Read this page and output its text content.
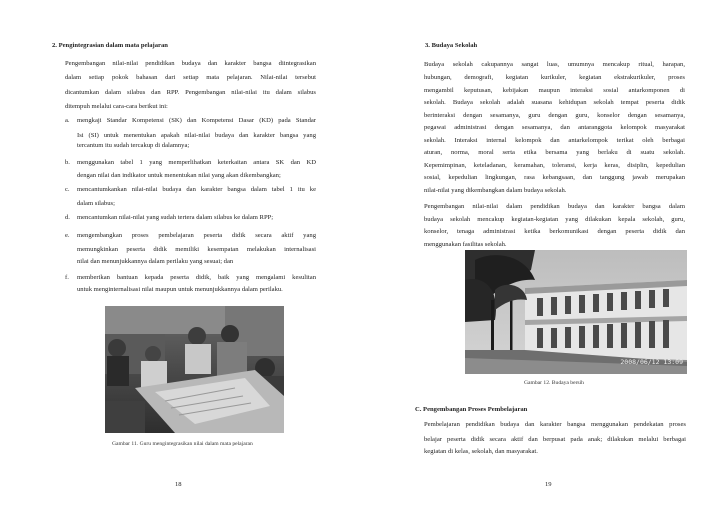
2. Pengintegrasian dalam mata pelajaran

Pengembangan nilai-nilai pendidikan budaya dan karakter bangsa diintegrasikan

dalam setiap pokok bahasan dari setiap mata pelajaran. Nilai-nilai tersebut

dicantumkan dalam silabus dan RPP. Pengembangan nilai-nilai itu dalam silabus

ditempuh melalui cara-cara berikut ini:

a. mengkaji Standar Kompetensi (SK) dan Kompetensi Dasar (KD) pada Standar

Isi (SI) untuk menentukan apakah nilai-nilai budaya dan karakter bangsa yang

tercantum itu sudah tercakup di dalamnya;

b. menggunakan tabel 1 yang memperlihatkan keterkaitan antara SK dan KD

dengan nilai dan indikator untuk menentukan nilai yang akan dikembangkan;

c. mencantumkankan nilai-nilai budaya dan karakter bangsa dalam tabel 1 itu ke

dalam silabus;

d. mencantumkan nilai-nilai yang sudah tertera dalam silabus ke dalam RPP;

e. mengembangkan proses pembelajaran peserta didik secara aktif yang

memungkinkan peserta didik memiliki kesempatan melakukan internalisasi

nilai dan menunjukkannya dalam perilaku yang sesuai; dan

f. memberikan bantuan kepada peserta didik, baik yang mengalami kesulitan

untuk menginternalisasi nilai maupun untuk menunjukkannya dalam perilaku.

Gambar 11. Guru mengintegrasikan nilai dalam mata pelajaran
18

3. Budaya Sekolah

Budaya sekolah cakupannya sangat luas, umumnya mencakup ritual, harapan,

hubungan, demografi, kegiatan kurikuler, kegiatan ekstrakurikuler, proses

mengambil keputusan, kebijakan maupun interaksi sosial antarkomponen di

sekolah. Budaya sekolah adalah suasana kehidupan sekolah tempat peserta didik

berinteraksi dengan sesamanya, guru dengan guru, konselor dengan sesamanya,

pegawai administrasi dengan sesamanya, dan antaranggota kelompok masyarakat

sekolah. Interaksi internal kelompok dan antarkelompok terikat oleh berbagai

aturan, norma, moral serta etika bersama yang berlaku di suatu sekolah.

Kepemimpinan, keteladanan, keramahan, toleransi, kerja keras, disiplin, kepedulian

sosial, kepedulian lingkungan, rasa kebangsaan, dan tanggung jawab merupakan

nilai-nilai yang dikembangkan dalam budaya sekolah.

Pengembangan nilai-nilai dalam pendidikan budaya dan karakter bangsa dalam

budaya sekolah mencakup kegiatan-kegiatan yang dilakukan kepala sekolah, guru,

konselor, tenaga administrasi ketika berkomunikasi dengan peserta didik dan

menggunakan fasilitas sekolah.

2008/06/12 13:09
Gambar 12. Budaya bersih

C. Pengembangan Proses Pembelajaran

Pembelajaran pendidikan budaya dan karakter bangsa menggunakan pendekatan proses

belajar peserta didik secara aktif dan berpusat pada anak; dilakukan melalui berbagai

kegiatan di kelas, sekolah, dan masyarakat.

19
